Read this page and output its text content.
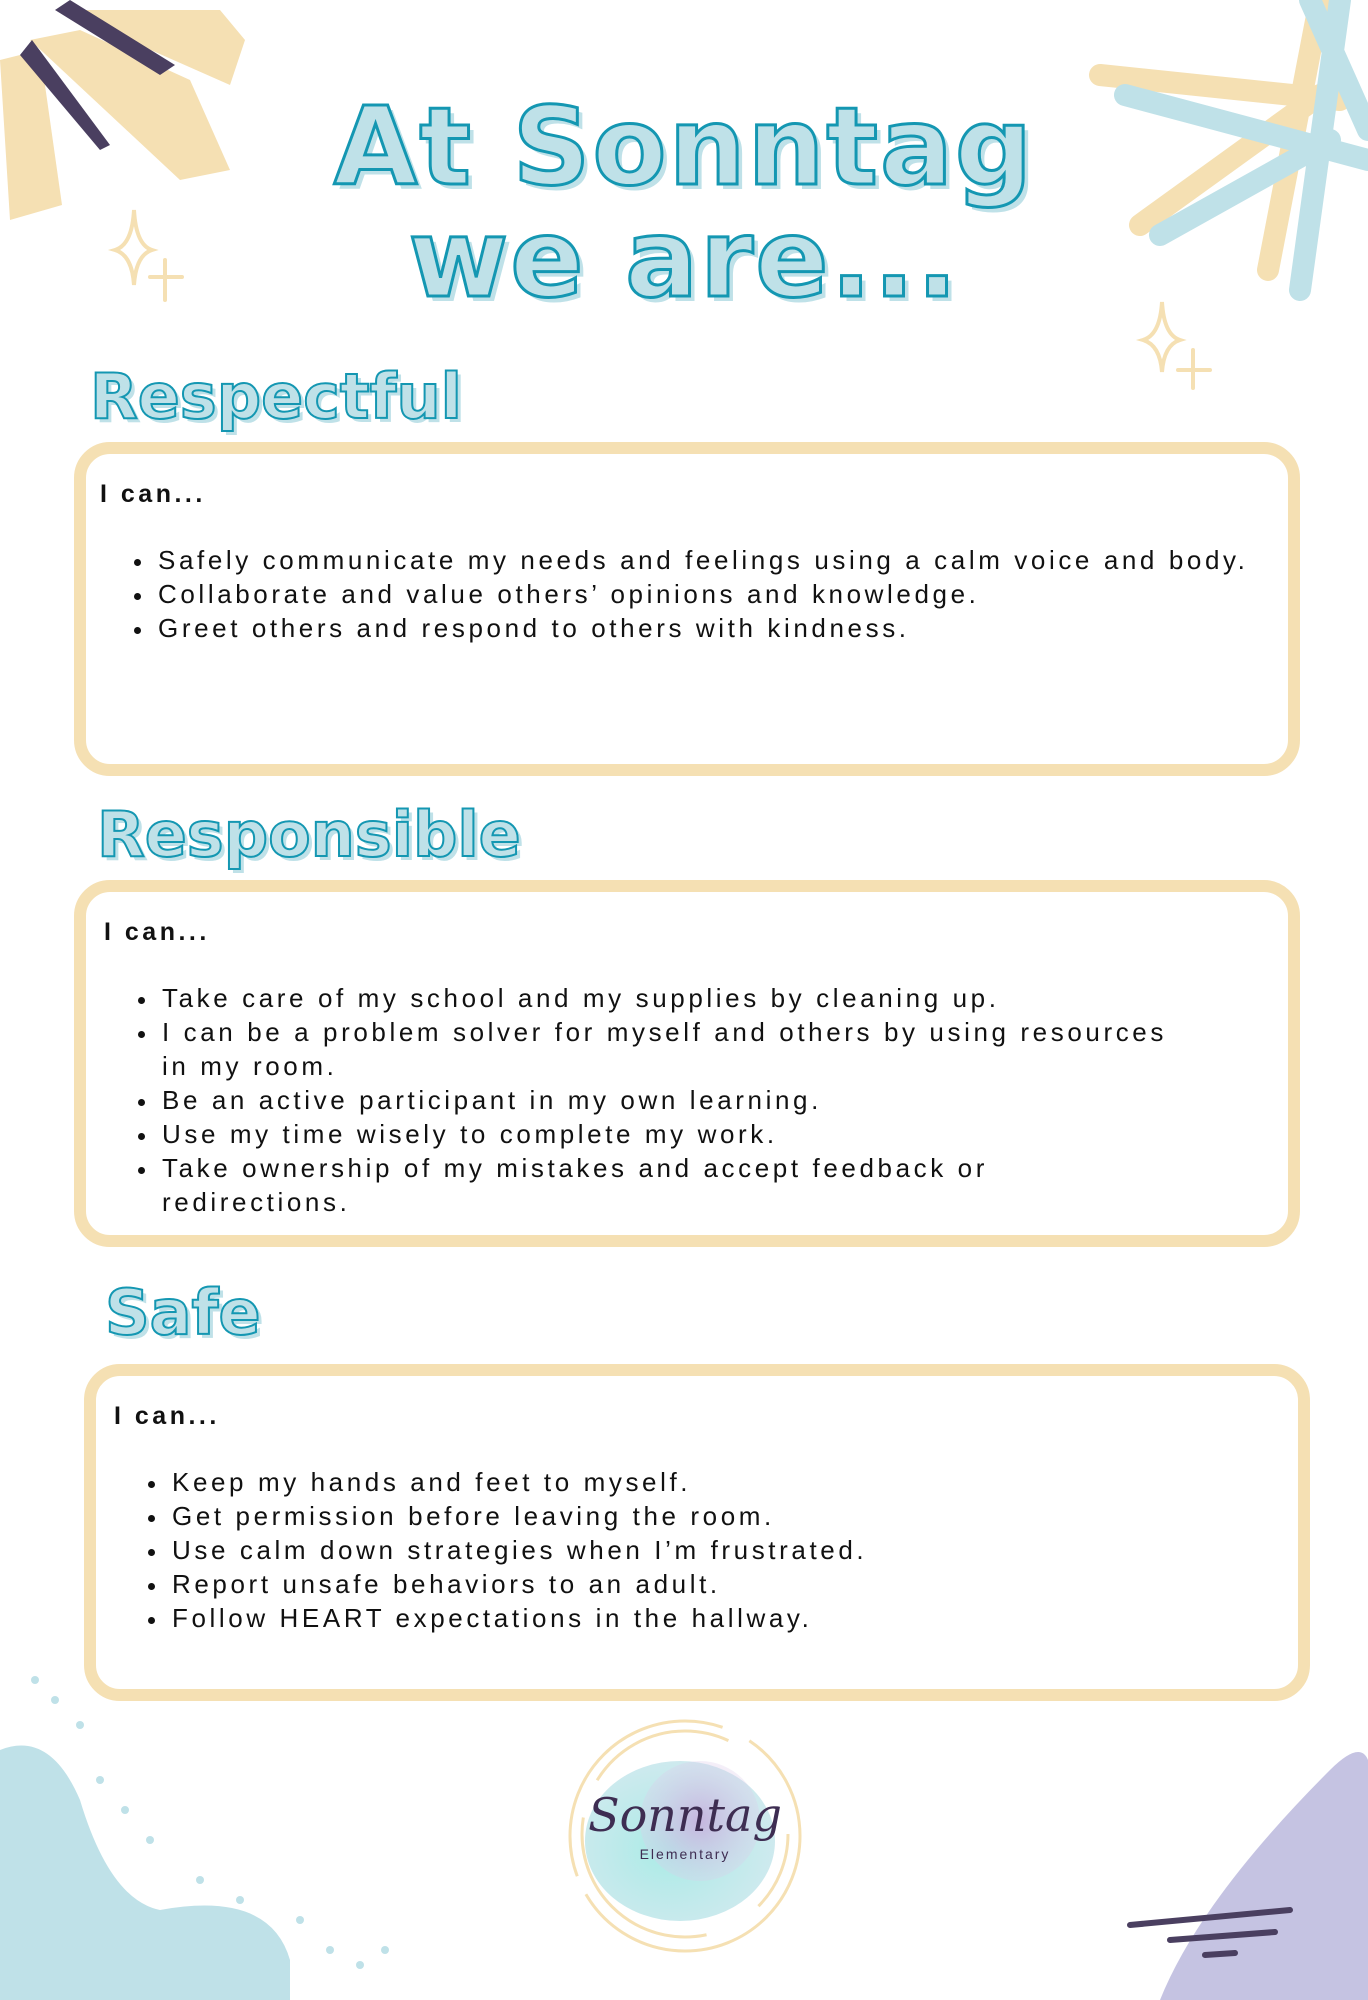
At Sonntag
we are...
Respectful
I can...
• Safely communicate my needs and feelings using a calm voice and body.
• Collaborate and value others’ opinions and knowledge.
• Greet others and respond to others with kindness.
Responsible
I can...
• Take care of my school and my supplies by cleaning up.
• I can be a problem solver for myself and others by using resources in my room.
• Be an active participant in my own learning.
• Use my time wisely to complete my work.
• Take ownership of my mistakes and accept feedback or redirections.
Safe
I can...
• Keep my hands and feet to myself.
• Get permission before leaving the room.
• Use calm down strategies when I’m frustrated.
• Report unsafe behaviors to an adult.
• Follow HEART expectations in the hallway.
Sonntag
Elementary
